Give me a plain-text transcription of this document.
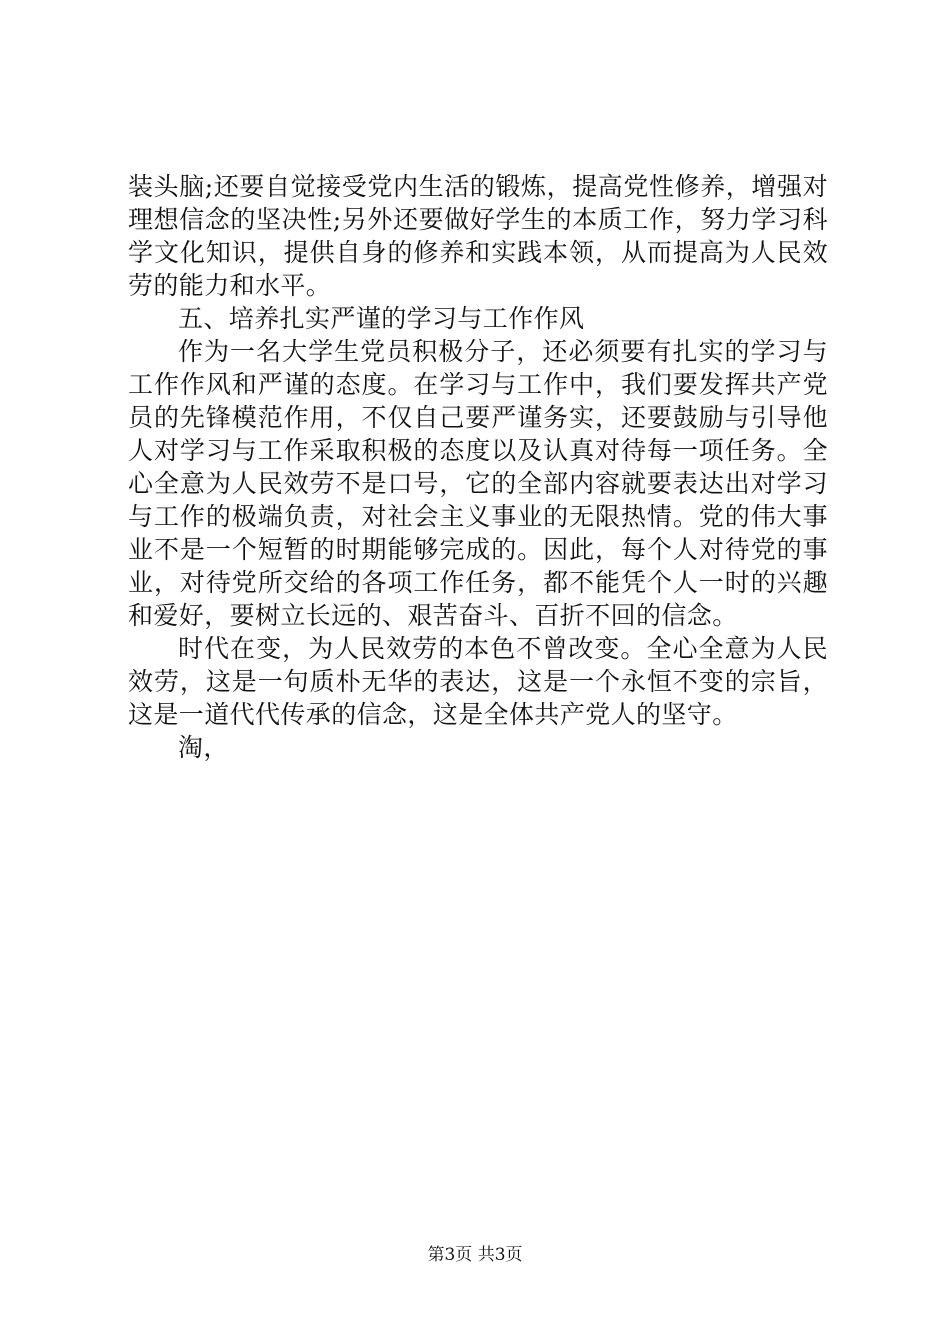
装头脑;还要自觉接受党内生活的锻炼，提高党性修养，增强对理想信念的坚决性;另外还要做好学生的本质工作，努力学习科学文化知识，提供自身的修养和实践本领，从而提高为人民效劳的能力和水平。

五、培养扎实严谨的学习与工作作风

作为一名大学生党员积极分子，还必须要有扎实的学习与工作作风和严谨的态度。在学习与工作中，我们要发挥共产党员的先锋模范作用，不仅自己要严谨务实，还要鼓励与引导他人对学习与工作采取积极的态度以及认真对待每一项任务。全心全意为人民效劳不是口号，它的全部内容就要表达出对学习与工作的极端负责，对社会主义事业的无限热情。党的伟大事业不是一个短暂的时期能够完成的。因此，每个人对待党的事业，对待党所交给的各项工作任务，都不能凭个人一时的兴趣和爱好，要树立长远的、艰苦奋斗、百折不回的信念。

时代在变，为人民效劳的本色不曾改变。全心全意为人民效劳，这是一句质朴无华的表达，这是一个永恒不变的宗旨，这是一道代代传承的信念，这是全体共产党人的坚守。

淘，

第3页 共3页
